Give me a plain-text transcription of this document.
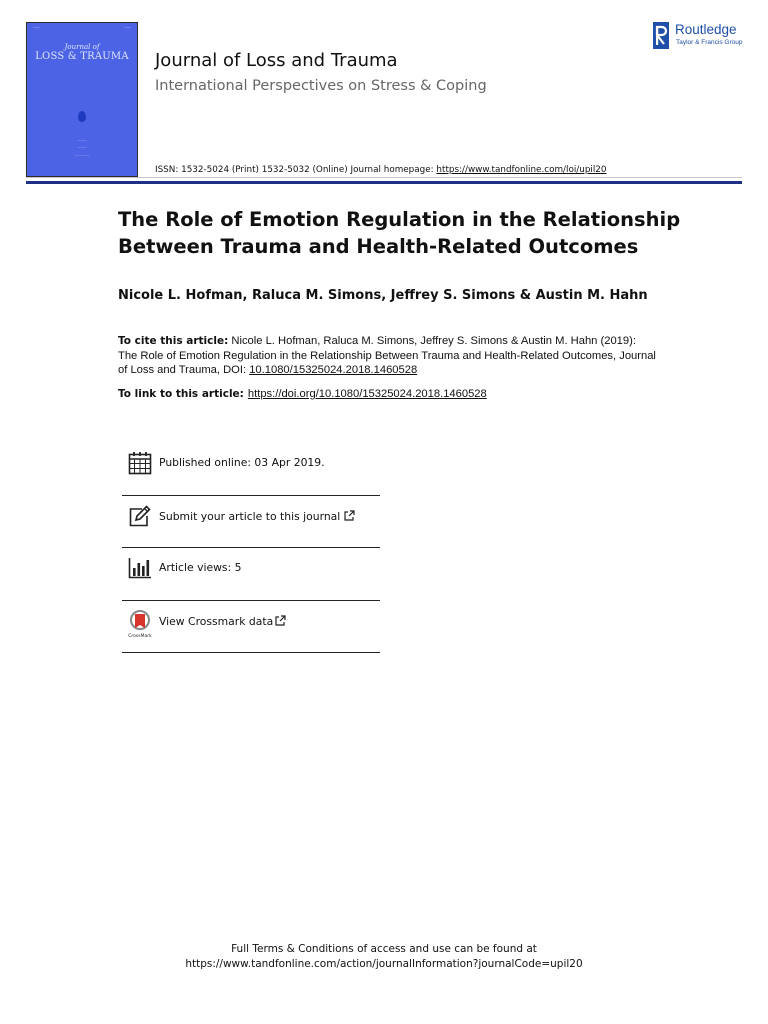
────	────
Journal of
LOSS & TRAUMA
———
———
—————
Journal of Loss and Trauma
International Perspectives on Stress & Coping
ISSN: 1532-5024 (Print) 1532-5032 (Online) Journal homepage: https://www.tandfonline.com/loi/upil20
Routledge
Taylor & Francis Group
The Role of Emotion Regulation in the Relationship Between Trauma and Health-Related Outcomes
Nicole L. Hofman, Raluca M. Simons, Jeffrey S. Simons & Austin M. Hahn
To cite this article: Nicole L. Hofman, Raluca M. Simons, Jeffrey S. Simons & Austin M. Hahn (2019): The Role of Emotion Regulation in the Relationship Between Trauma and Health-Related Outcomes, Journal of Loss and Trauma, DOI: 10.1080/15325024.2018.1460528
To link to this article: https://doi.org/10.1080/15325024.2018.1460528
Published online: 03 Apr 2019.
Submit your article to this journal
Article views: 5
CrossMark
View Crossmark data
Full Terms & Conditions of access and use can be found at
https://www.tandfonline.com/action/journalInformation?journalCode=upil20
